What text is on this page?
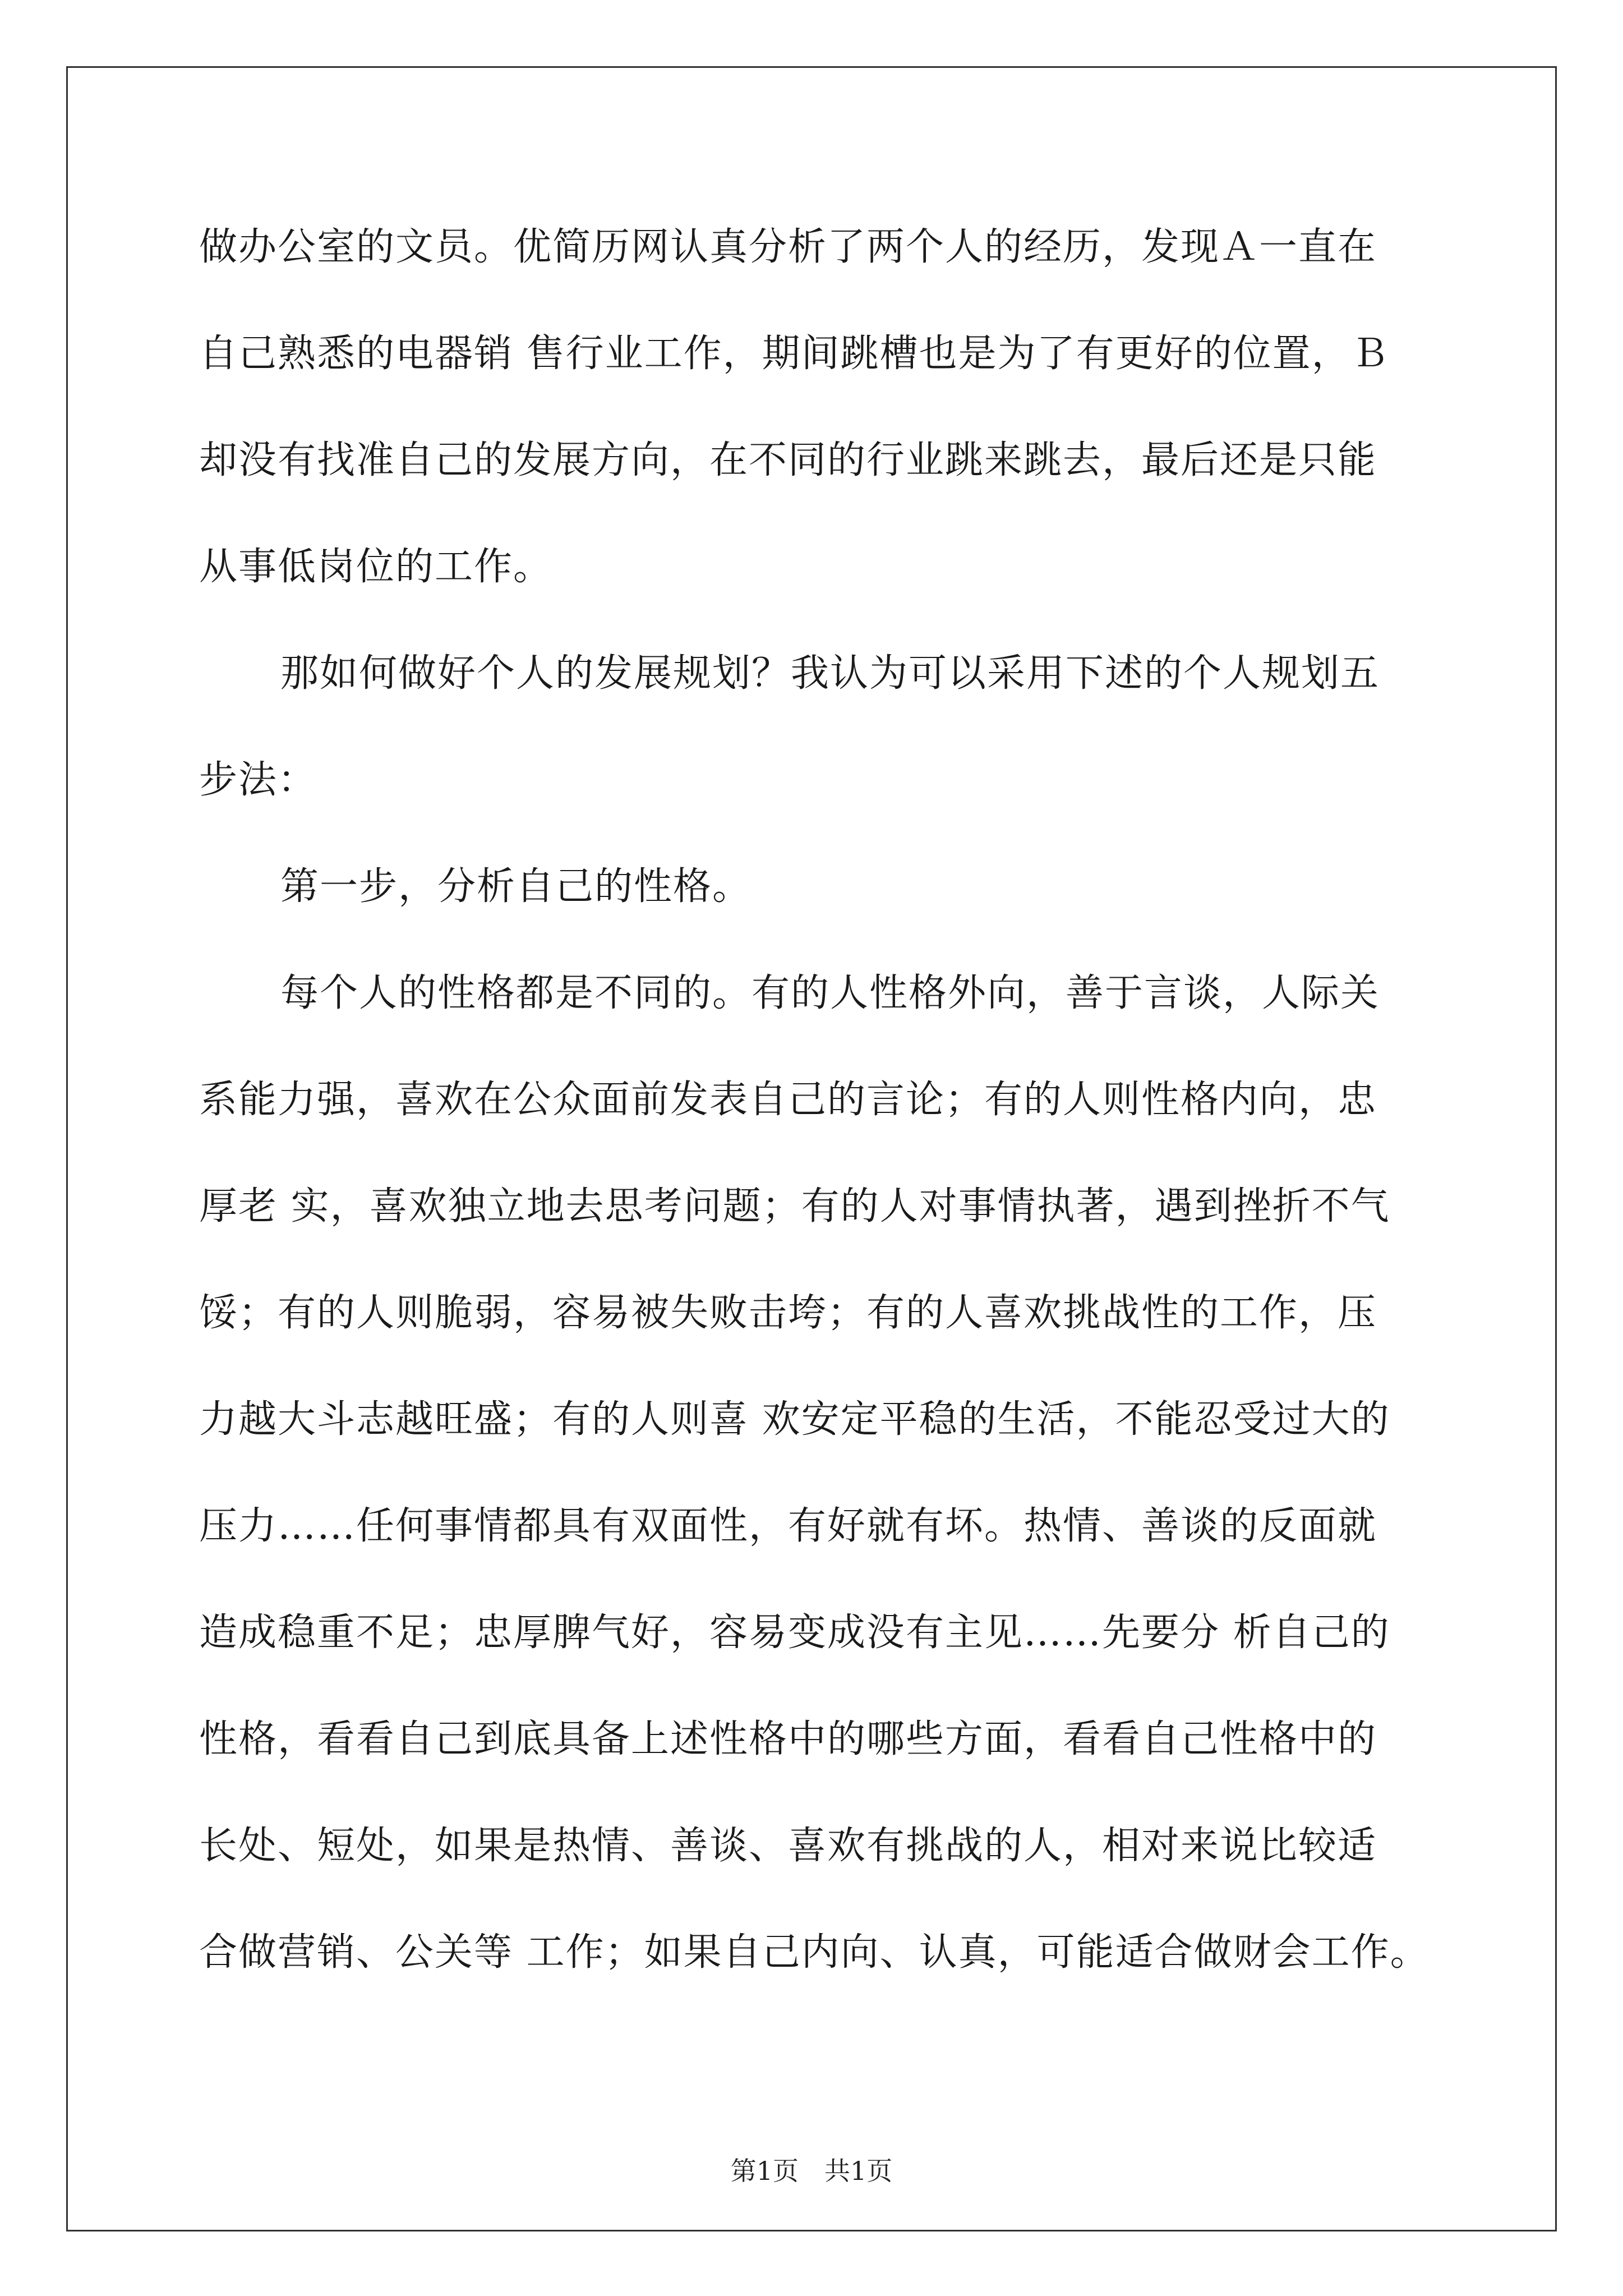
做办公室的文员。优简历网认真分析了两个人的经历，发现Ａ一直在
自己熟悉的电器销 售行业工作，期间跳槽也是为了有更好的位置，Ｂ
却没有找准自己的发展方向，在不同的行业跳来跳去，最后还是只能
从事低岗位的工作。
那如何做好个人的发展规划？我认为可以采用下述的个人规划五
步法：
第一步，分析自己的性格。
每个人的性格都是不同的。有的人性格外向，善于言谈，人际关
系能力强，喜欢在公众面前发表自己的言论；有的人则性格内向，忠
厚老 实，喜欢独立地去思考问题；有的人对事情执著，遇到挫折不气
馁；有的人则脆弱，容易被失败击垮；有的人喜欢挑战性的工作，压
力越大斗志越旺盛；有的人则喜 欢安定平稳的生活，不能忍受过大的
压力……任何事情都具有双面性，有好就有坏。热情、善谈的反面就
造成稳重不足；忠厚脾气好，容易变成没有主见……先要分 析自己的
性格，看看自己到底具备上述性格中的哪些方面，看看自己性格中的
长处、短处，如果是热情、善谈、喜欢有挑战的人，相对来说比较适
合做营销、公关等 工作；如果自己内向、认真，可能适合做财会工作。
第1页　共1页
